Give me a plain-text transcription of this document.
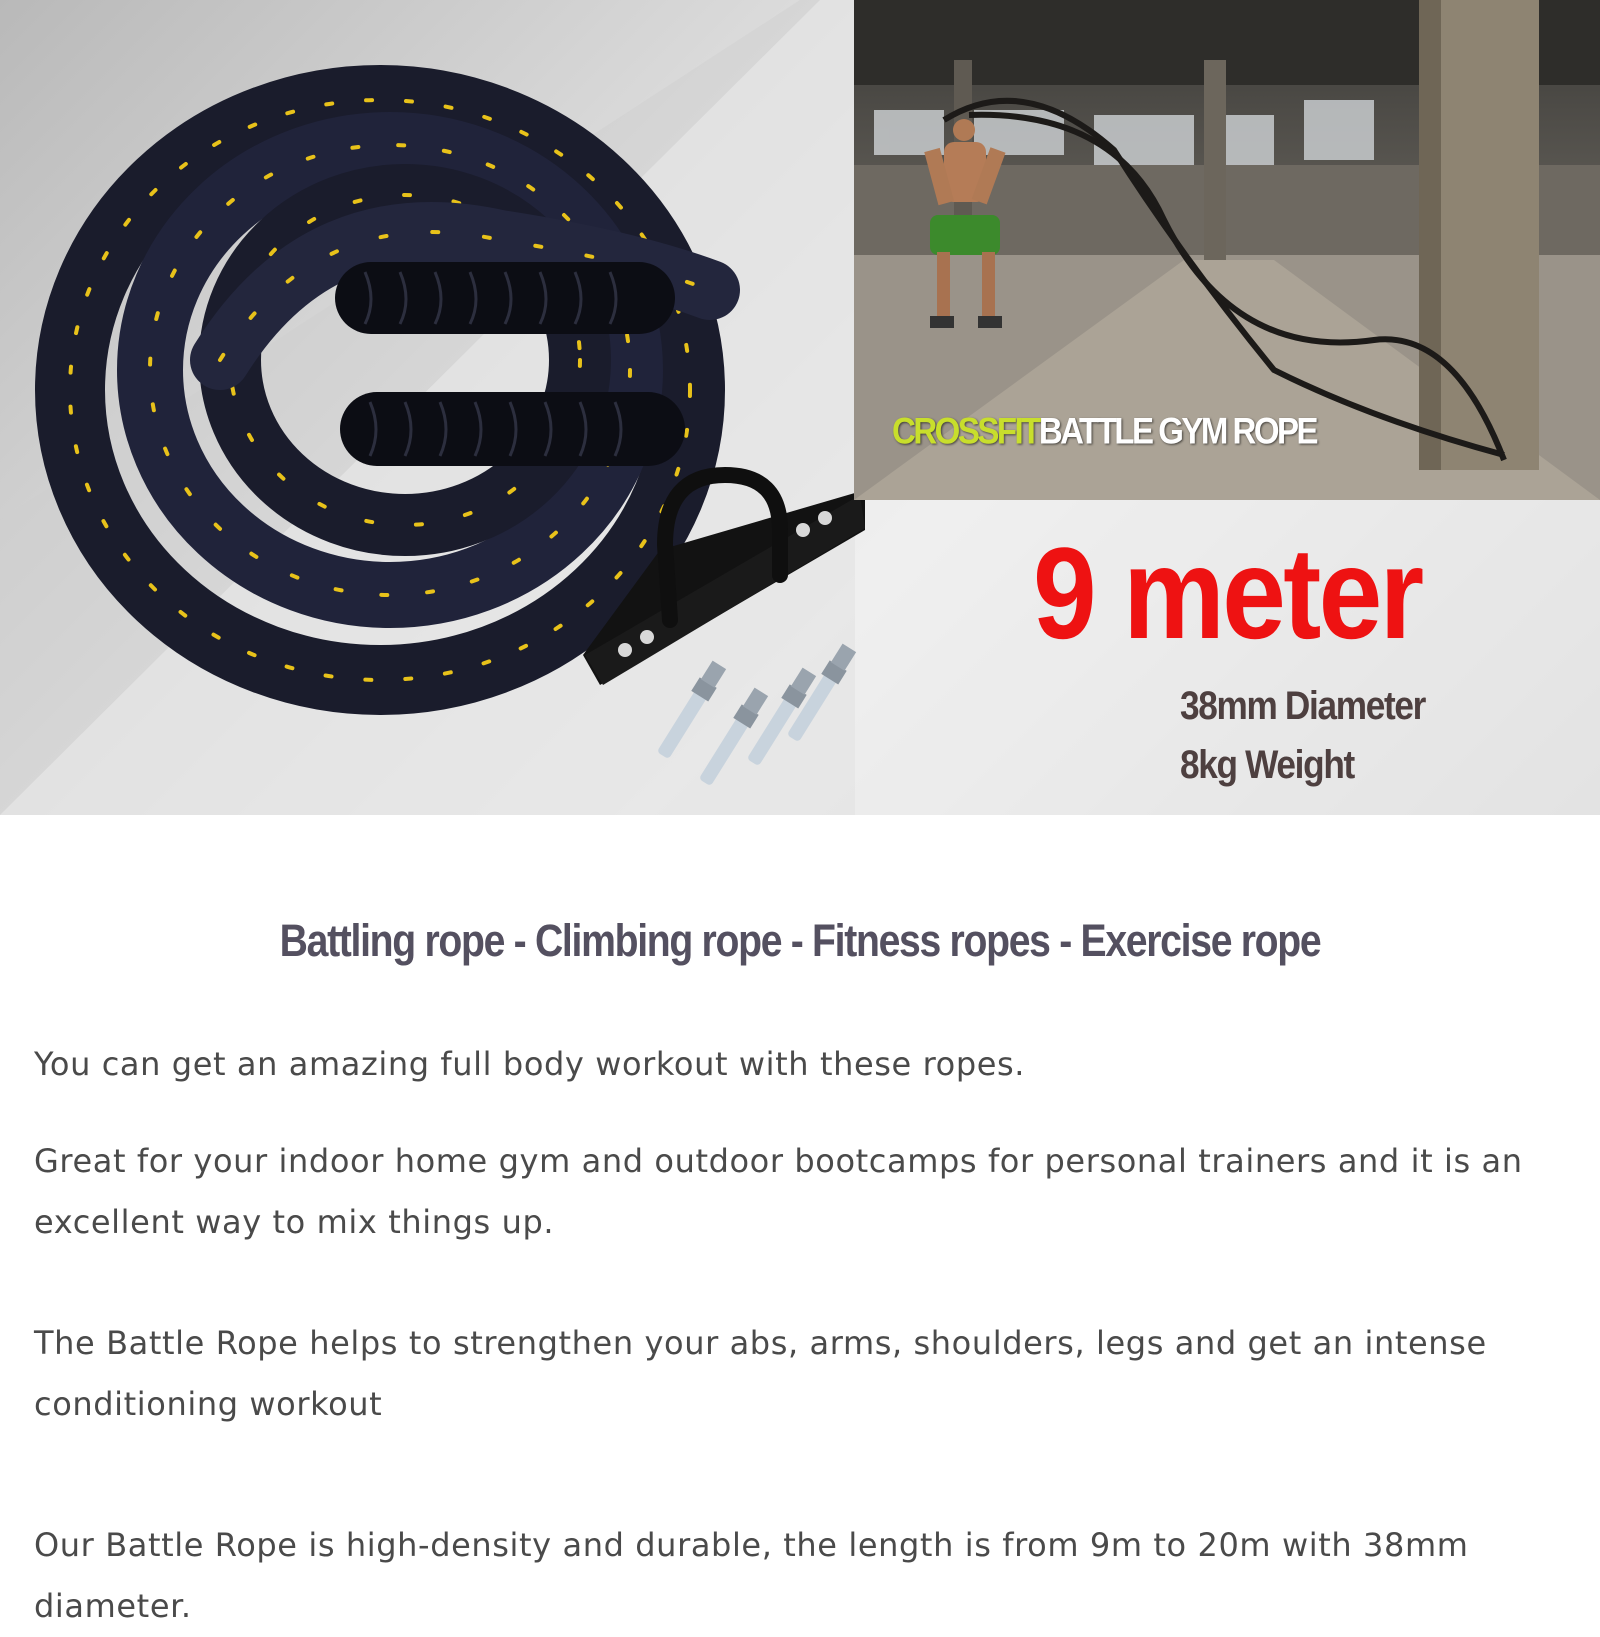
CROSSFITBATTLE GYM ROPE
9 meter
38mm Diameter
8kg Weight
Battling rope - Climbing rope - Fitness ropes - Exercise rope

You can get an amazing full body workout with these ropes.

Great for your indoor home gym and outdoor bootcamps for personal trainers and it is an excellent way to mix things up.

The Battle Rope helps to strengthen your abs, arms, shoulders, legs and get an intense conditioning workout

Our Battle Rope is high-density and durable, the length is from 9m to 20m with 38mm diameter.
